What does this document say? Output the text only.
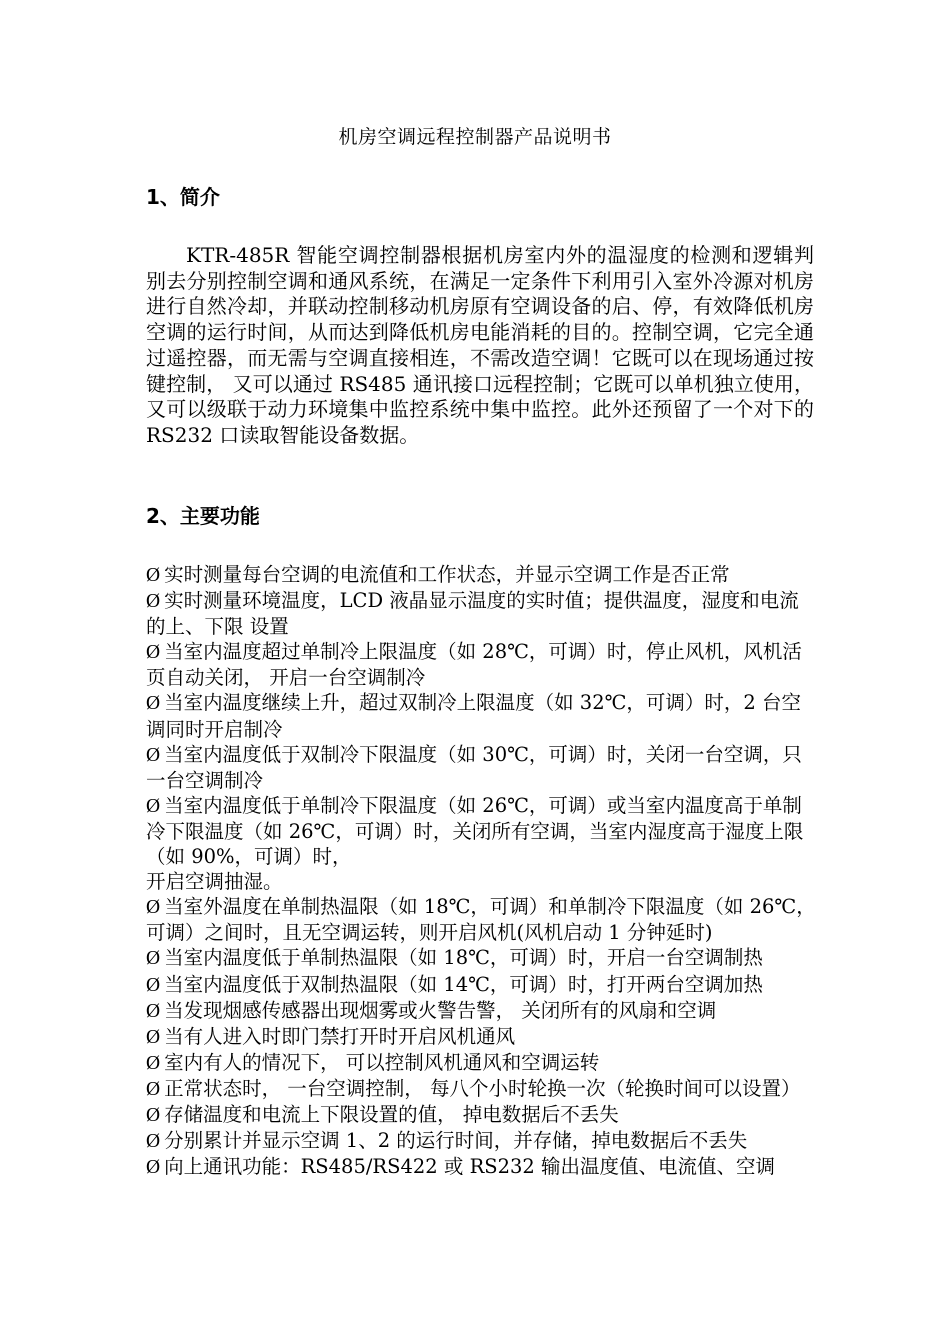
机房空调远程控制器产品说明书
1、简介

KTR-485R 智能空调控制器根据机房室内外的温湿度的检测和逻辑判别去分别控制空调和通风系统，在满足一定条件下利用引入室外冷源对机房进行自然冷却，并联动控制移动机房原有空调设备的启、停，有效降低机房空调的运行时间，从而达到降低机房电能消耗的目的。控制空调，它完全通过遥控器，而无需与空调直接相连，不需改造空调！它既可以在现场通过按键控制， 又可以通过 RS485 通讯接口远程控制；它既可以单机独立使用，又可以级联于动力环境集中监控系统中集中监控。此外还预留了一个对下的 RS232 口读取智能设备数据。

2、主要功能
Ø 实时测量每台空调的电流值和工作状态，并显示空调工作是否正常
Ø 实时测量环境温度，LCD 液晶显示温度的实时值；提供温度，湿度和电流的上、下限 设置
Ø 当室内温度超过单制冷上限温度（如 28℃，可调）时，停止风机，风机活页自动关闭， 开启一台空调制冷
Ø 当室内温度继续上升，超过双制冷上限温度（如 32℃，可调）时，2 台空调同时开启制冷
Ø 当室内温度低于双制冷下限温度（如 30℃，可调）时，关闭一台空调，只一台空调制冷
Ø 当室内温度低于单制冷下限温度（如 26℃，可调）或当室内温度高于单制冷下限温度（如 26℃，可调）时，关闭所有空调，当室内湿度高于湿度上限（如 90%，可调）时，
开启空调抽湿。
Ø 当室外温度在单制热温限（如 18℃，可调）和单制冷下限温度（如 26℃，可调）之间时，且无空调运转，则开启风机(风机启动 1 分钟延时)
Ø 当室内温度低于单制热温限（如 18℃，可调）时，开启一台空调制热
Ø 当室内温度低于双制热温限（如 14℃，可调）时，打开两台空调加热
Ø 当发现烟感传感器出现烟雾或火警告警， 关闭所有的风扇和空调
Ø 当有人进入时即门禁打开时开启风机通风
Ø 室内有人的情况下， 可以控制风机通风和空调运转
Ø 正常状态时， 一台空调控制， 每八个小时轮换一次（轮换时间可以设置）
Ø 存储温度和电流上下限设置的值， 掉电数据后不丢失
Ø 分别累计并显示空调 1、2 的运行时间，并存储，掉电数据后不丢失
Ø 向上通讯功能：RS485/RS422 或 RS232 输出温度值、电流值、空调
